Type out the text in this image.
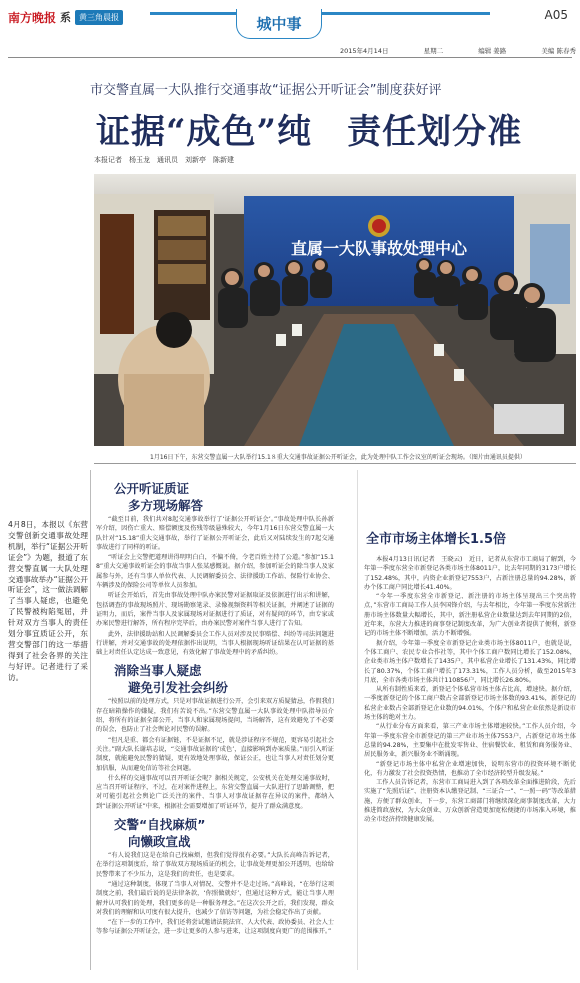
南方晚报 系	黄三角晨报	城中事	A05
2015年4月14日	星期二	编辑 姜路	美编 陈春秀
市交警直属一大队推行交通事故“证据公开听证会”制度获好评
证据“成色”纯　责任划分准
本报记者　杨玉龙　通讯员　刘新亭　陈新建
直属一大队事故处理中心
1月16日下午，东营交警直属一大队举行15.1８重大交通事故证据公开听证会，此为处理中队工作会议室的听证会现场。（图片由通讯员提供）
4月8日，本报以《东营交警创新交通事故处理机制，举行“证据公开听证会”》为题，报道了东营交警直属一大队处理交通事故举办“证据公开听证会”，这一做法调解了当事人疑虑，也避免了民警被构陷冤屈，并针对双方当事人的责任划分事宜质证公开，东营交警部门的这一举措得到了社会各界的关注与好评。记者进行了采访。
公开听证质证
多方现场解答

“截至目前，我们共对8起交通事故举行了‘证据公开听证会’。”事故处理中队长孙新军介绍，因伤亡重大、赔偿额度及伤残等级悬殊较大，今年1月16日东营交警直属一大队针对“15.18”重大交通事故，举行了证据公开听证会，此后又对陆续发生的7起交通事故进行了同样的听证。

“听证会上交警把道理讲得明明白白，不偏不倚，令老百姓主持了公道。”参加“15.18”重大交通事故听证会的事故当事人张某感慨说。据介绍，参加听证会的除当事人及家属参与外，还有当事人单位代表、人民调解委员会、法律援助工作站、保险行业协会、车辆涉及的保险公司等单位人员参加。

听证会开始后，首先由事故处理中队办案民警对证据取证及依据进行出示和讲解，包括调查的事故现场照片、现场勘察笔录、录像视频资料等相关证据，并阐述了证据的证明力，而后，案件当事人及家属现场对证据进行了质证，对有疑问的环节，由专家或办案民警进行解答，所有程序完毕后，由办案民警对案件当事人进行了告知。

此外，法律援助站和人民调解委员会工作人员对涉及民事赔偿、纠纷等司法问题进行讲解，并对交通事故的处理依据作出说明，当事人根据现场听证结果在认可证据的基础上对责任认定达成一致意见，有效化解了事故处理中的矛盾纠纷。

消除当事人疑虑
避免引发社会纠纷

“按照以前的处理方式，只是对事故证据进行公开，会引来双方质疑猜忌，作假我们存在暗箱操作的嫌疑，我们有苦说不出。”东营交警直属一大队事故处理中队指导员介绍，将所有的证据全部公开，当事人和家属现场提问，当场解答，这有效避免了不必要的误会，也防止了社会舆论对民警的误解。

“但凡是重、都会有证据链，不是证据不足，就是涉证程序不规范，更容易引起社会关注。”副大队长谢培志说，“交通事故证据的‘成色’，直接影响到办案质量。”而引入听证制度，就能避免民警的猜疑，更有效地处理事故，保证公正，也让当事人对责任划分更加信服，从而避免信访等社会问题。

什么样的交通事故可以召开听证会呢？据相关规定，公安机关在处理交通事故时，应当召开听证程序，不过，在对案件进程上，东营交警直属一大队进行了思路调整，把对可能引起社会舆论广泛关注的案件、当事人对事故证据存在异议的案件，都纳入到“证据公开听证”中来，根据社会需要增加了听证环节，提升了群众满意度。

交警“自找麻烦”
向懒政宣战

“有人说我们这是在给自己找麻烦，但我们觉得很有必要。”大队长高峰告诉记者，在举行这项制度后，给了事故双方现场质证的机会，让事故处理更加公开透明，也给给民警带来了不少压力，这是我们的责任，也是要求。

“通过这种制度，体现了当事人对情况、交警并不是走过场。”高峰说，“在举行这项制度之前，我们最后说的是法律条款，‘你照做就好’，但通过这种方式，能让当事人理解并认可我们的处理，我们更多的是一种服务理念。”在这次公开之后，我们发现，群众对我们的理解和认可度有很大提升，也减少了信访等问题，为社会稳定作出了贡献。

“在下一步的工作中，我们还将尝试邀请法院法官、人大代表、政协委员、社会人士等参与证据公开听证会，进一步让更多的人参与进来，让这项制度向更广的范围推开。”

全市市场主体增长1.5倍

本报4月13日讯(记者　王晓云)　近日，记者从东营市工商局了解到，今年第一季度东营全市新登记各类市场主体8011户，比去年同期的3173户增长了152.48%，其中，内资企业新登记7553户，占新注册总量的94.28%，新办个体工商户同比增长41.40%。

“今年一季度东营全市新登记、新注册的市场主体呈现出三个突出特点，”东营市工商局工作人员李国锋介绍，与去年相比，今年第一季度东营新注册市场主体数量大幅增长，其中，新注册私营企业数量达到去年同期的2倍，近年来，东营大力推进的商事登记制度改革，为广大创业者提供了便利，新登记的市场主体不断增加，活力不断增强。

据介绍，今年第一季度全市新登记企业类市场主体8011户，也就是说，个体工商户、农民专业合作社等，其中个体工商户数同比增长了152.08%，企业类市场主体户数增长了1435户，其中私营企业增长了131.43%，同比增长了80.37%，个体工商户增长了173.31%，工作人员分析，截至2015年3月底，全市各类市场主体共计110856户，同比增长26.80%。

从所有制性质来看，新登记个体私营市场主体占比高，增速快。据介绍，一季度新登记的个体工商户数占全部新登记市场主体数的93.41%，新登记的私营企业数占全部新登记企业数的94.01%，个体户和私营企业依然是新设市场主体的绝对主力。

“从行业分布方面来看，第三产业市场主体增速较快。”工作人员介绍，今年第一季度东营全市新登记的第三产业市场主体7553户，占新登记市场主体总量的94.28%，主要集中在批发零售业、住宿餐饮业、租赁和商务服务业、居民服务业，新兴服务业不断涌现。

“新登记市场主体中私营企业增速加快，说明东营市的投资环境不断优化，有力激发了社会投资热情，也推动了全市经济转型升级发展。”

工作人员告诉记者，东营市工商局进入到了各项改革全面推进阶段，先后实施了“先照后证”、注册资本认缴登记制、“三证合一”、“一照一码”等改革措施，方便了群众创业，下一步，东营工商部门将继续深化商事制度改革，大力推进简政放权，为大众创业、万众创新营造更加宽松便捷的市场准入环境，推动全市经济持续健康发展。
